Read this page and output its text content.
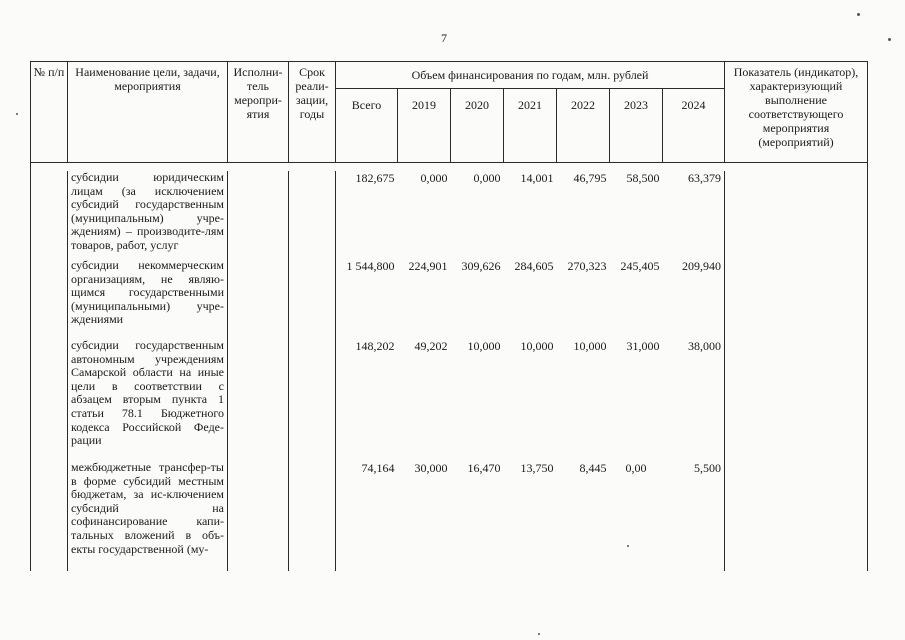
7
№ п/п	Наименование цели, задачи, мероприятия	Исполни-тель меропри-ятия	Срок реали-зации, годы	Объем финансирования по годам, млн. рублей							Показатель (индикатор), характеризующий выполнение соответствующего мероприятия (мероприятий)
				Всего	2019	2020	2021	2022	2023	2024	

	субсидии юридическим лицам (за исключением субсидий государственным (муниципальным) учре-ждениям) – производите-лям товаров, работ, услуг			182,675	0,000	0,000	14,001	46,795	58,500	63,379	
	субсидии некоммерческим организациям, не являю-щимся государственными (муниципальными) учре-ждениями			1 544,800	224,901	309,626	284,605	270,323	245,405	209,940	
	субсидии государственным автономным учреждениям Самарской области на иные цели в соответствии с абзацем вторым пункта 1 статьи 78.1 Бюджетного кодекса Российской Феде-рации			148,202	49,202	10,000	10,000	10,000	31,000	38,000	
	межбюджетные трансфер-ты в форме субсидий местным бюджетам, за ис-ключением субсидий на софинансирование капи-тальных вложений в объ-екты государственной (му-			74,164	30,000	16,470	13,750	8,445	0,00	5,500	
